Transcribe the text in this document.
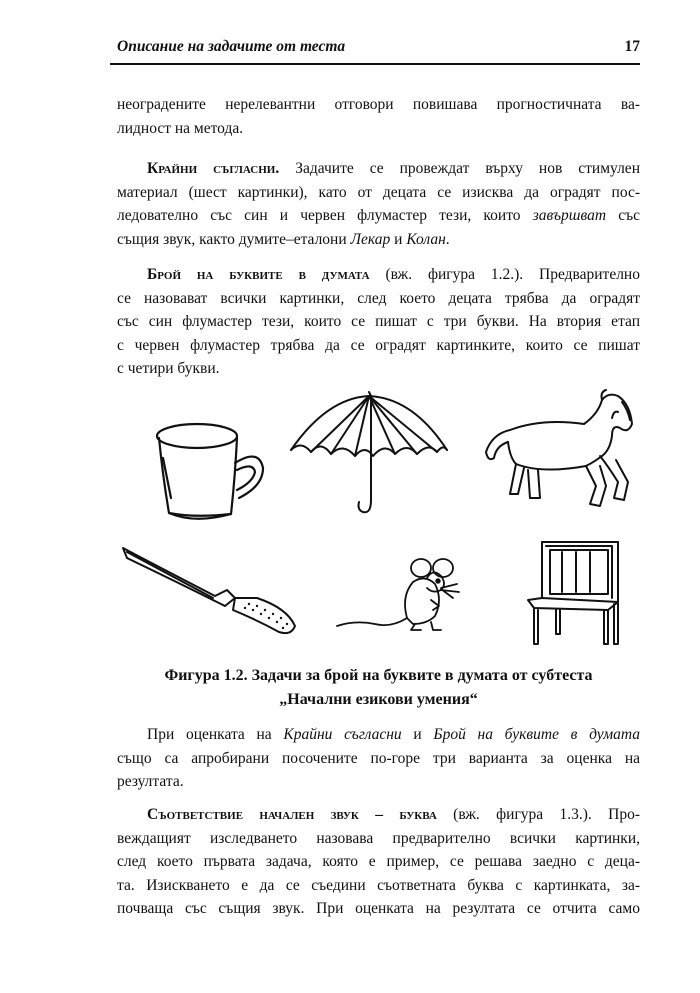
Описание на задачите от теста	17
неоградените нерелевантни отговори повишава прогностичната ва-
лидност на метода.
Крайни съгласни. Задачите се провеждат върху нов стимулен
материал (шест картинки), като от децата се изисква да оградят пос-
ледователно със син и червен флумастер тези, които завършват със
същия звук, както думите–еталони Лекар и Колан.
Брой на буквите в думата (вж. фигура 1.2.). Предварително
се назовават всички картинки, след което децата трябва да оградят
със син флумастер тези, които се пишат с три букви. На втория етап
с червен флумастер трябва да се оградят картинките, които се пишат
с четири букви.
Фигура 1.2. Задачи за брой на буквите в думата от субтеста
„Начални езикови умения“
При оценката на Крайни съгласни и Брой на буквите в думата
също са апробирани посочените по-горе три варианта за оценка на
резултата.
Съответствие начален звук – буква (вж. фигура 1.3.). Про-
веждащият изследването назовава предварително всички картинки,
след което първата задача, която е пример, се решава заедно с деца-
та. Изискването е да се съедини съответната буква с картинката, за-
почваща със същия звук. При оценката на резултата се отчита само
